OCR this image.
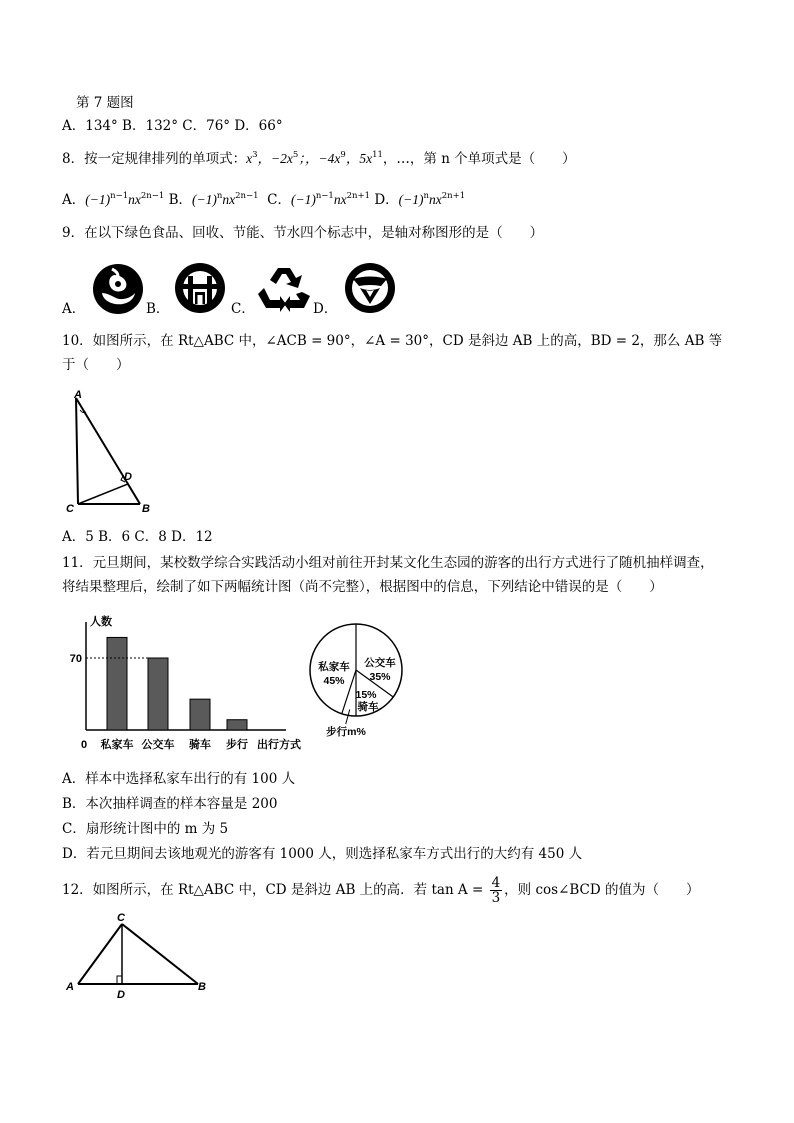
第 7 题图
A．134° B．132° C．76° D．66°
8．按一定规律排列的单项式：$x^3$，$-2x^5$；，$-4x^9$，$5x^{11}$，…，第 n 个单项式是（　　）
A．$(-1)^{n-1}nx^{2n-1}$ B．$(-1)^nnx^{2n-1}$ C．$(-1)^{n-1}nx^{2n+1}$ D．$(-1)^nnx^{2n+1}$
9．在以下绿色食品、回收、节能、节水四个标志中，是轴对称图形的是（　　）
A．	B．	C．	D．
10．如图所示，在 Rt△ABC 中，∠ACB = 90°，∠A = 30°，CD 是斜边 AB 上的高，BD = 2，那么 AB 等
于（　　）
A
D
C	B
A．5 B．6 C．8 D．12
11．元旦期间，某校数学综合实践活动小组对前往开封某文化生态园的游客的出行方式进行了随机抽样调查，
将结果整理后，绘制了如下两幅统计图（尚不完整），根据图中的信息，下列结论中错误的是（　　）
人数
0	出行方式
私家车 公交车 骑车 步行
70	公交车
35%
私家车
45%
15%
骑车
步行m%
A．样本中选择私家车出行的有 100 人
B．本次抽样调查的样本容量是 200
C．扇形统计图中的 m 为 5
D．若元旦期间去该地观光的游客有 1000 人，则选择私家车方式出行的大约有 450 人
12．如图所示，在 Rt△ABC 中，CD 是斜边 AB 上的高．若 $\tan A = \frac{4}{3}$ ，则 cos∠BCD 的值为（　　）
C
A
D
B
